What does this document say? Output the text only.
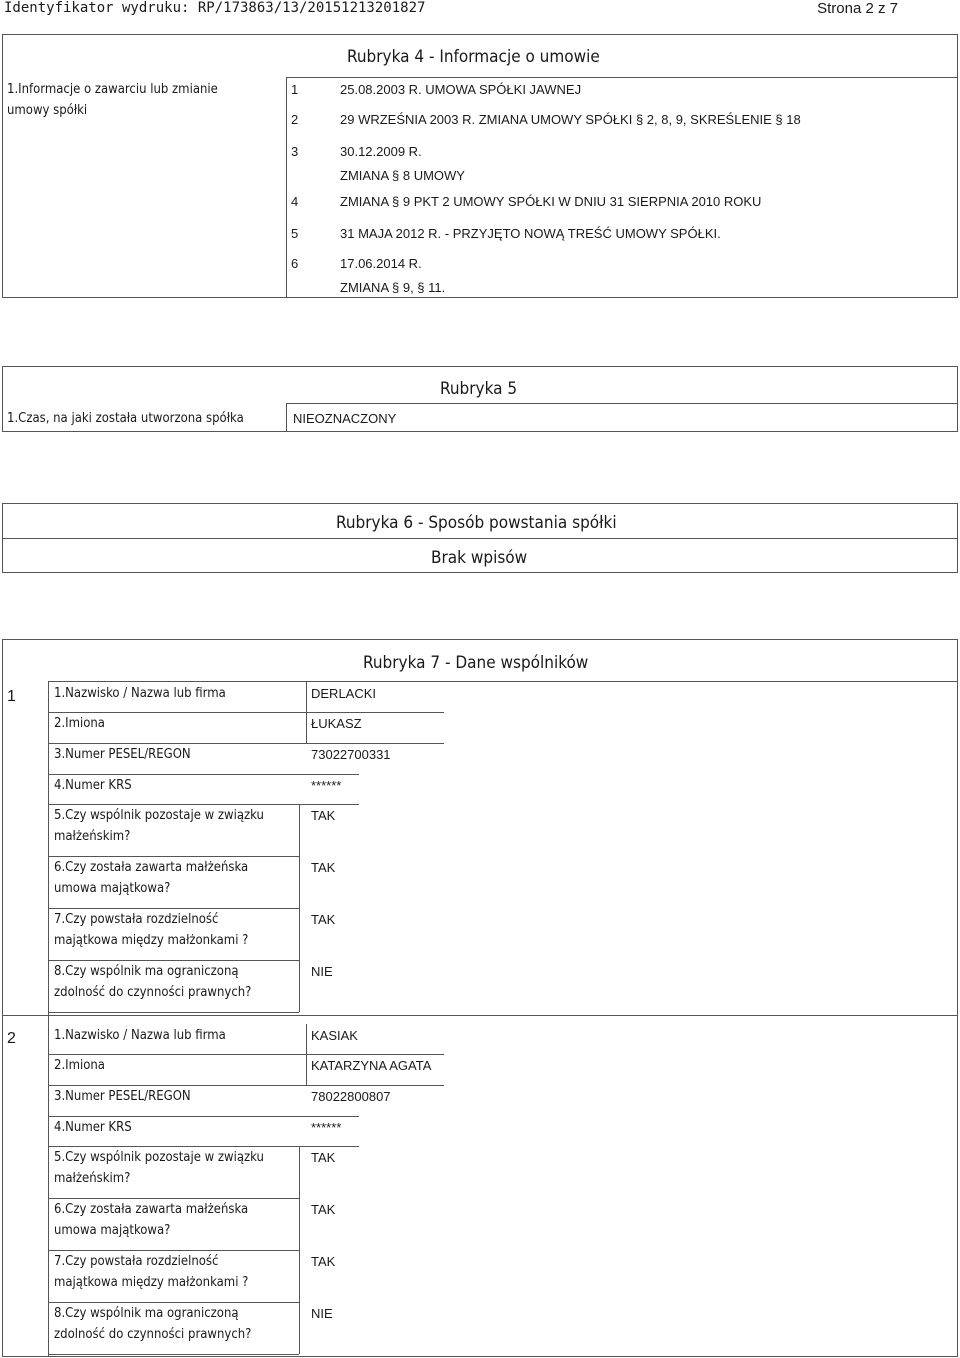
Identyfikator wydruku: RP/173863/13/20151213201827	Strona 2 z 7
Rubryka 4 - Informacje o umowie
1.Informacje o zawarciu lub zmianie umowy spółki
1	25.08.2003 R. UMOWA SPÓŁKI JAWNEJ
2	29 WRZEŚNIA 2003 R. ZMIANA UMOWY SPÓŁKI § 2, 8, 9, SKREŚLENIE § 18
3	30.12.2009 R.
ZMIANA § 8 UMOWY
4	ZMIANA § 9 PKT 2 UMOWY SPÓŁKI W DNIU 31 SIERPNIA 2010 ROKU
5	31 MAJA 2012 R. - PRZYJĘTO NOWĄ TREŚĆ UMOWY SPÓŁKI.
6	17.06.2014 R.
ZMIANA § 9, § 11.
Rubryka 5
1.Czas, na jaki została utworzona spółka	NIEOZNACZONY
Rubryka 6 - Sposób powstania spółki
Brak wpisów
Rubryka 7 - Dane wspólników
1	1.Nazwisko / Nazwa lub firma	DERLACKI
2.Imiona	ŁUKASZ
3.Numer PESEL/REGON	73022700331
4.Numer KRS	******
5.Czy wspólnik pozostaje w związku małżeńskim?
TAK
6.Czy została zawarta małżeńska umowa majątkowa?
TAK
7.Czy powstała rozdzielność majątkowa między małżonkami ?
TAK
8.Czy wspólnik ma ograniczoną zdolność do czynności prawnych?
NIE
2	1.Nazwisko / Nazwa lub firma	KASIAK
2.Imiona	KATARZYNA AGATA
3.Numer PESEL/REGON	78022800807
4.Numer KRS	******
5.Czy wspólnik pozostaje w związku małżeńskim?
TAK
6.Czy została zawarta małżeńska umowa majątkowa?
TAK
7.Czy powstała rozdzielność majątkowa między małżonkami ?
TAK
8.Czy wspólnik ma ograniczoną zdolność do czynności prawnych?
NIE
